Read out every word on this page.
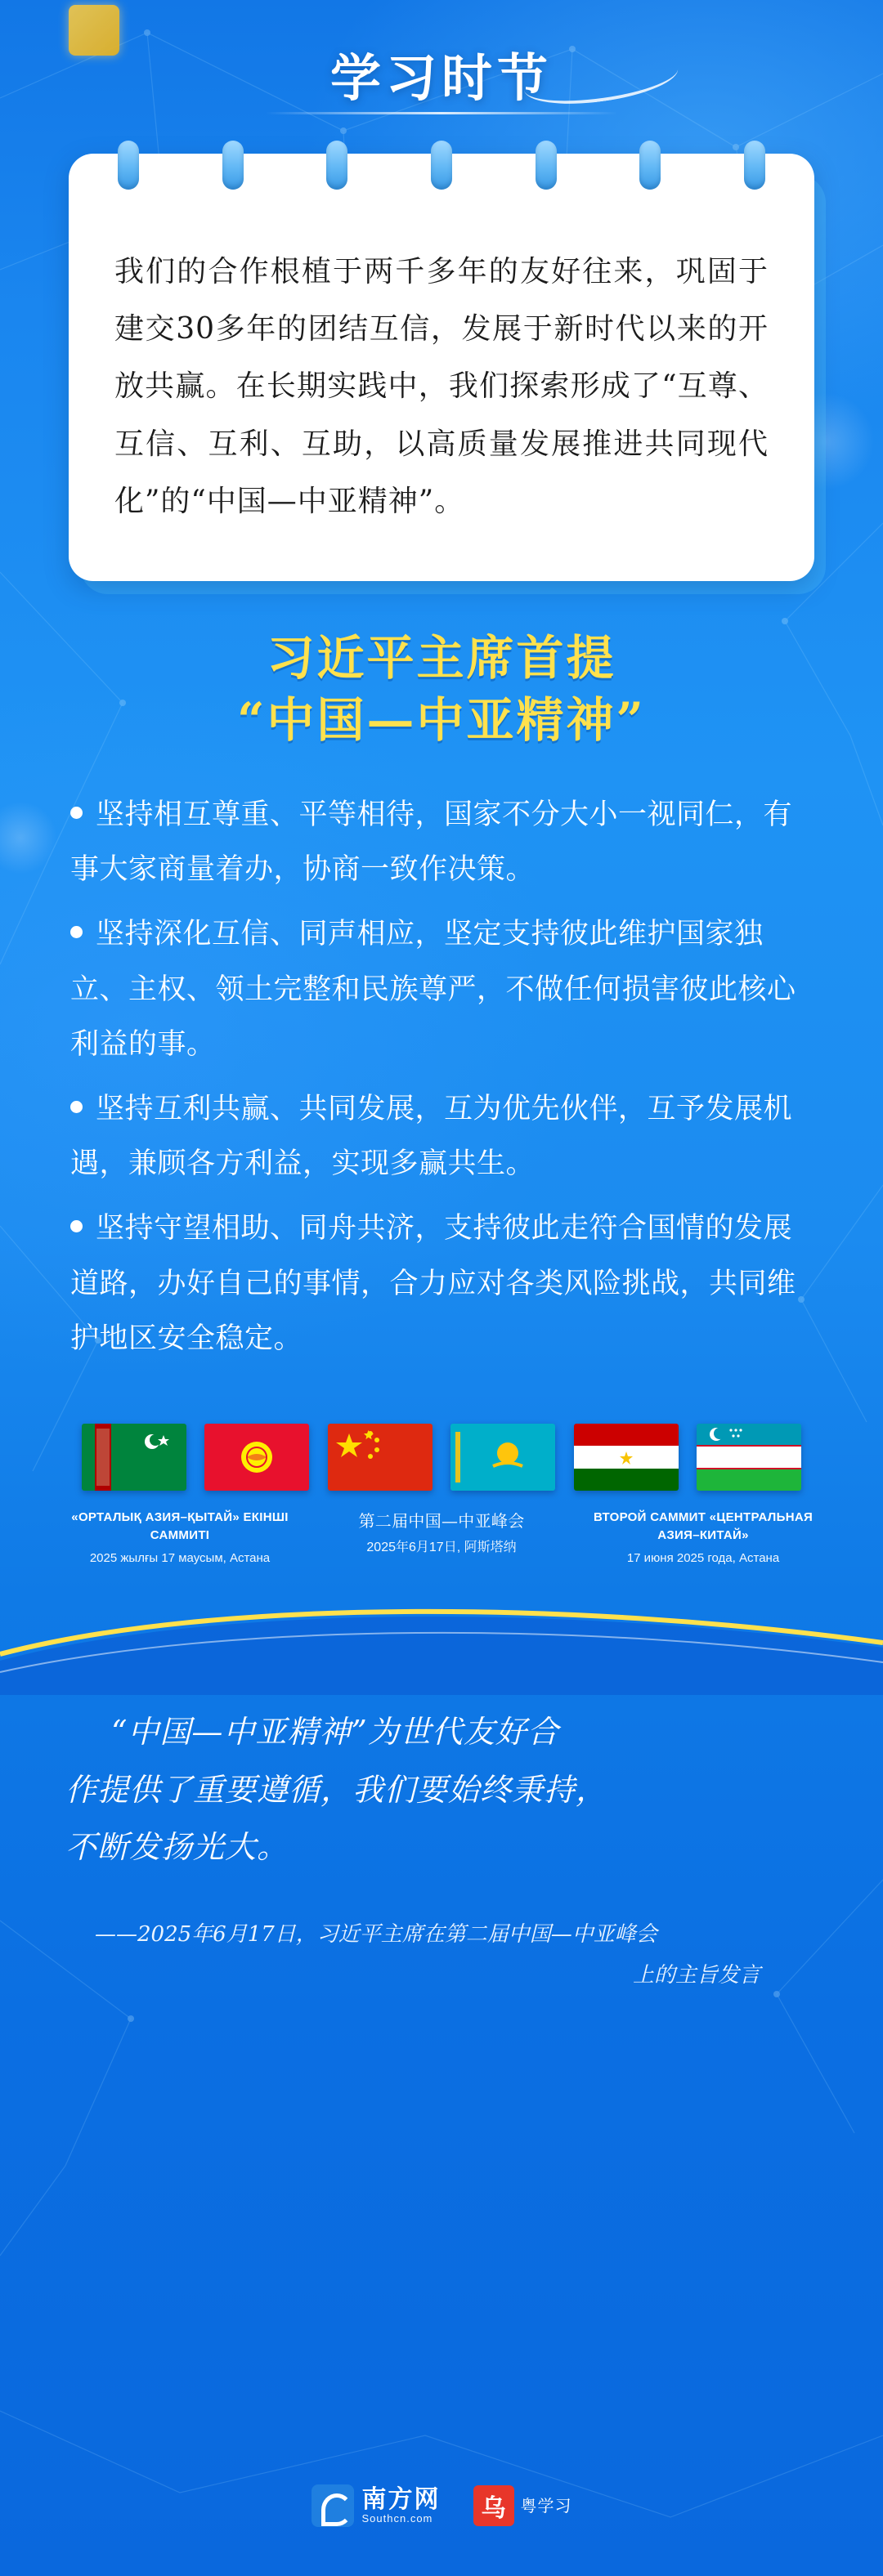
学习时节
我们的合作根植于两千多年的友好往来，巩固于建交30多年的团结互信，发展于新时代以来的开放共赢。在长期实践中，我们探索形成了“互尊、互信、互利、互助，以高质量发展推进共同现代化”的“中国—中亚精神”。
习近平主席首提
“中国—中亚精神”

坚持相互尊重、平等相待，国家不分大小一视同仁，有事大家商量着办，协商一致作决策。

坚持深化互信、同声相应，坚定支持彼此维护国家独立、主权、领土完整和民族尊严，不做任何损害彼此核心利益的事。

坚持互利共赢、共同发展，互为优先伙伴，互予发展机遇，兼顾各方利益，实现多赢共生。

坚持守望相助、同舟共济，支持彼此走符合国情的发展道路，办好自己的事情，合力应对各类风险挑战，共同维护地区安全稳定。

«ОРТАЛЫҚ АЗИЯ–ҚЫТАЙ» ЕКІНШІ САММИТІ
2025 жылғы 17 маусым, Астана
第二届中国—中亚峰会
2025年6月17日, 阿斯塔纳
ВТОРОЙ САММИТ «ЦЕНТРАЛЬНАЯ АЗИЯ–КИТАЙ»
17 июня 2025 года, Астана
“中国—中亚精神”为世代友好合
作提供了重要遵循，我们要始终秉持，
不断发扬光大。
——2025年6月17日，习近平主席在第二届中国—中亚峰会
上的主旨发言
南方网
Southcn.com	乌 粤学习
